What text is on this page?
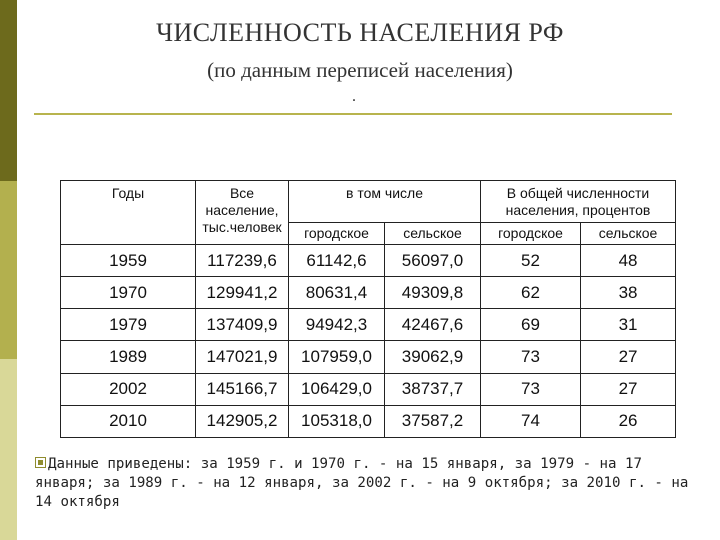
ЧИСЛЕННОСТЬ НАСЕЛЕНИЯ РФ
(по данным переписей населения)
.
Годы	Все население, тыс.человек	в том числе		В общей численности населения, процентов	
		городское	сельское	городское	сельское
1959	117239,6	61142,6	56097,0	52	48
1970	129941,2	80631,4	49309,8	62	38
1979	137409,9	94942,3	42467,6	69	31
1989	147021,9	107959,0	39062,9	73	27
2002	145166,7	106429,0	38737,7	73	27
2010	142905,2	105318,0	37587,2	74	26
Данные приведены: за 1959 г. и 1970 г. - на 15 января, за 1979 - на 17 января; за 1989 г. - на 12 января, за 2002 г. - на 9 октября; за 2010 г. - на 14 октября
